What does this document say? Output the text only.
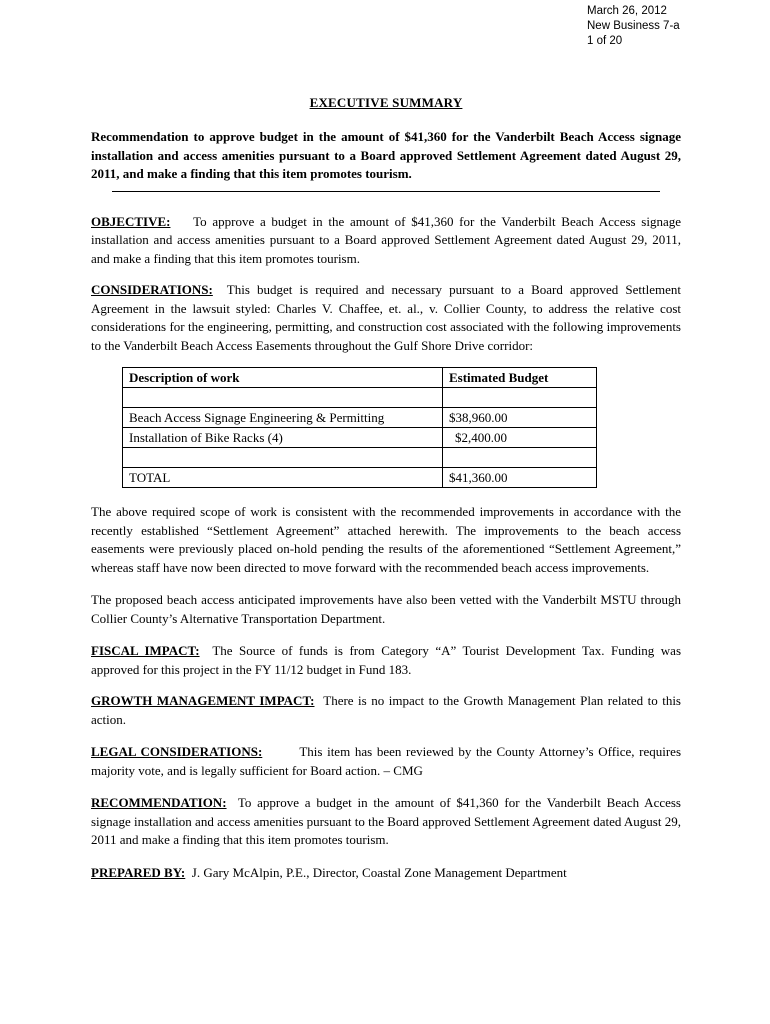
March 26, 2012
New Business 7-a
1 of 20
EXECUTIVE SUMMARY

Recommendation to approve budget in the amount of $41,360 for the Vanderbilt Beach Access signage installation and access amenities pursuant to a Board approved Settlement Agreement dated August 29, 2011, and make a finding that this item promotes tourism.

OBJECTIVE: To approve a budget in the amount of $41,360 for the Vanderbilt Beach Access signage installation and access amenities pursuant to a Board approved Settlement Agreement dated August 29, 2011, and make a finding that this item promotes tourism.

CONSIDERATIONS: This budget is required and necessary pursuant to a Board approved Settlement Agreement in the lawsuit styled: Charles V. Chaffee, et. al., v. Collier County, to address the relative cost considerations for the engineering, permitting, and construction cost associated with the following improvements to the Vanderbilt Beach Access Easements throughout the Gulf Shore Drive corridor:

Description of work	Estimated Budget

Beach Access Signage Engineering & Permitting	$38,960.00
Installation of Bike Racks (4)	$2,400.00

TOTAL	$41,360.00

The above required scope of work is consistent with the recommended improvements in accordance with the recently established “Settlement Agreement” attached herewith. The improvements to the beach access easements were previously placed on-hold pending the results of the aforementioned “Settlement Agreement,” whereas staff have now been directed to move forward with the recommended beach access improvements.

The proposed beach access anticipated improvements have also been vetted with the Vanderbilt MSTU through Collier County’s Alternative Transportation Department.

FISCAL IMPACT: The Source of funds is from Category “A” Tourist Development Tax. Funding was approved for this project in the FY 11/12 budget in Fund 183.

GROWTH MANAGEMENT IMPACT: There is no impact to the Growth Management Plan related to this action.

LEGAL CONSIDERATIONS:	This item has been reviewed by the County Attorney’s Office, requires majority vote, and is legally sufficient for Board action. – CMG

RECOMMENDATION: To approve a budget in the amount of $41,360 for the Vanderbilt Beach Access signage installation and access amenities pursuant to the Board approved Settlement Agreement dated August 29, 2011 and make a finding that this item promotes tourism.

PREPARED BY: J. Gary McAlpin, P.E., Director, Coastal Zone Management Department
